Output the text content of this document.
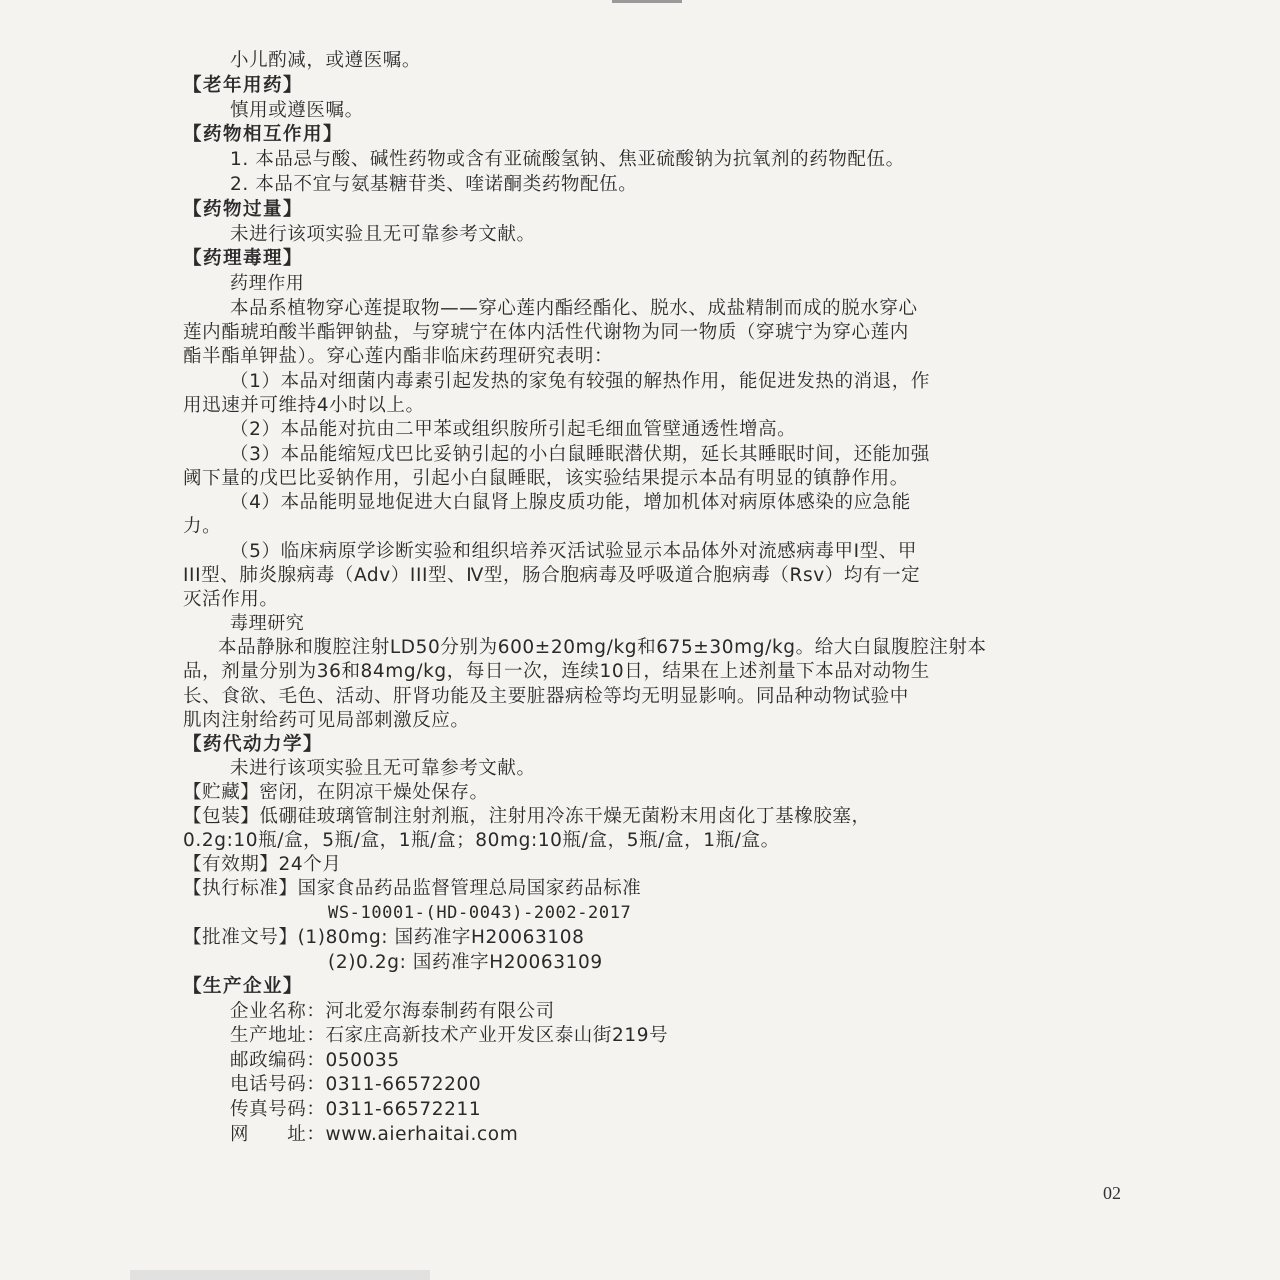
小儿酌减，或遵医嘱。
【老年用药】
慎用或遵医嘱。
【药物相互作用】
1. 本品忌与酸、碱性药物或含有亚硫酸氢钠、焦亚硫酸钠为抗氧剂的药物配伍。
2. 本品不宜与氨基糖苷类、喹诺酮类药物配伍。
【药物过量】
未进行该项实验且无可靠参考文献。
【药理毒理】
药理作用
本品系植物穿心莲提取物——穿心莲内酯经酯化、脱水、成盐精制而成的脱水穿心
莲内酯琥珀酸半酯钾钠盐，与穿琥宁在体内活性代谢物为同一物质（穿琥宁为穿心莲内
酯半酯单钾盐）。穿心莲内酯非临床药理研究表明：
（1）本品对细菌内毒素引起发热的家兔有较强的解热作用，能促进发热的消退，作
用迅速并可维持4小时以上。
（2）本品能对抗由二甲苯或组织胺所引起毛细血管壁通透性增高。
（3）本品能缩短戊巴比妥钠引起的小白鼠睡眠潜伏期，延长其睡眠时间，还能加强
阈下量的戊巴比妥钠作用，引起小白鼠睡眠，该实验结果提示本品有明显的镇静作用。
（4）本品能明显地促进大白鼠肾上腺皮质功能，增加机体对病原体感染的应急能
力。
（5）临床病原学诊断实验和组织培养灭活试验显示本品体外对流感病毒甲Ⅰ型、甲
III型、肺炎腺病毒（Adv）III型、Ⅳ型，肠合胞病毒及呼吸道合胞病毒（Rsv）均有一定
灭活作用。
毒理研究
本品静脉和腹腔注射LD50分别为600±20mg/kg和675±30mg/kg。给大白鼠腹腔注射本
品，剂量分别为36和84mg/kg，每日一次，连续10日，结果在上述剂量下本品对动物生
长、食欲、毛色、活动、肝肾功能及主要脏器病检等均无明显影响。同品种动物试验中
肌肉注射给药可见局部刺激反应。
【药代动力学】
未进行该项实验且无可靠参考文献。
【贮藏】密闭，在阴凉干燥处保存。
【包装】低硼硅玻璃管制注射剂瓶，注射用冷冻干燥无菌粉末用卤化丁基橡胶塞，
0.2g:10瓶/盒，5瓶/盒，1瓶/盒；80mg:10瓶/盒，5瓶/盒，1瓶/盒。
【有效期】24个月
【执行标准】国家食品药品监督管理总局国家药品标准
WS-10001-(HD-0043)-2002-2017
【批准文号】(1)80mg: 国药准字H20063108
(2)0.2g: 国药准字H20063109
【生产企业】
企业名称：河北爱尔海泰制药有限公司
生产地址：石家庄高新技术产业开发区泰山街219号
邮政编码：050035
电话号码：0311-66572200
传真号码：0311-66572211
网　　址：www.aierhaitai.com
02
